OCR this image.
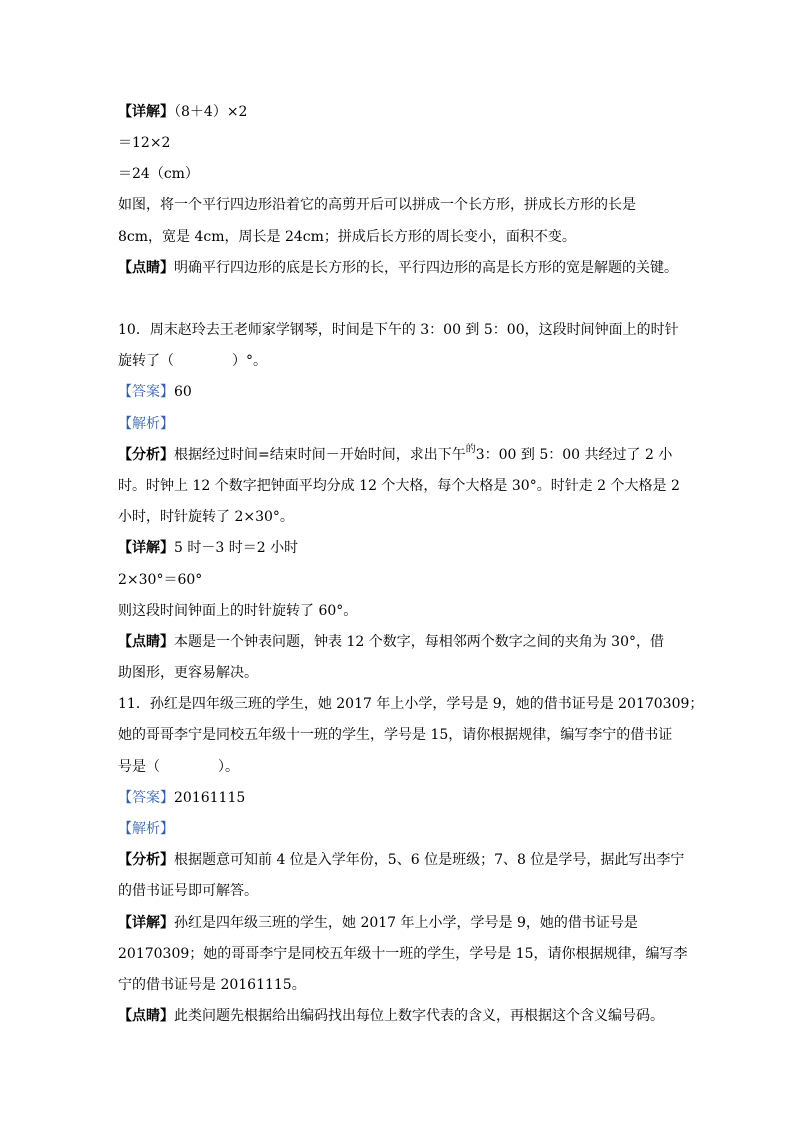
【详解】（8＋4）×2
＝12×2
＝24（cm）
如图，将一个平行四边形沿着它的高剪开后可以拼成一个长方形，拼成长方形的长是
8cm，宽是 4cm，周长是 24cm；拼成后长方形的周长变小，面积不变。
【点睛】明确平行四边形的底是长方形的长，平行四边形的高是长方形的宽是解题的关键。
10．周末赵玲去王老师家学钢琴，时间是下午的 3：00 到 5：00，这段时间钟面上的时针
旋转了（	）°。
【答案】60
【解析】
【分析】根据经过时间=结束时间－开始时间，求出下午$^的$3：00 到 5：00 共经过了 2 小
时。时钟上 12 个数字把钟面平均分成 12 个大格，每个大格是 30°。时针走 2 个大格是 2
小时，时针旋转了 2×30°。
【详解】5 时－3 时＝2 小时
2×30°＝60°
则这段时间钟面上的时针旋转了 60°。
【点睛】本题是一个钟表问题，钟表 12 个数字，每相邻两个数字之间的夹角为 30°，借
助图形，更容易解决。
11．孙红是四年级三班的学生，她 2017 年上小学，学号是 9，她的借书证号是 20170309；
她的哥哥李宁是同校五年级十一班的学生，学号是 15，请你根据规律，编写李宁的借书证
号是（	）。
【答案】20161115
【解析】
【分析】根据题意可知前 4 位是入学年份，5、6 位是班级；7、8 位是学号，据此写出李宁
的借书证号即可解答。
【详解】孙红是四年级三班的学生，她 2017 年上小学，学号是 9，她的借书证号是
20170309；她的哥哥李宁是同校五年级十一班的学生，学号是 15，请你根据规律，编写李
宁的借书证号是 20161115。
【点睛】此类问题先根据给出编码找出每位上数字代表的含义，再根据这个含义编号码。
